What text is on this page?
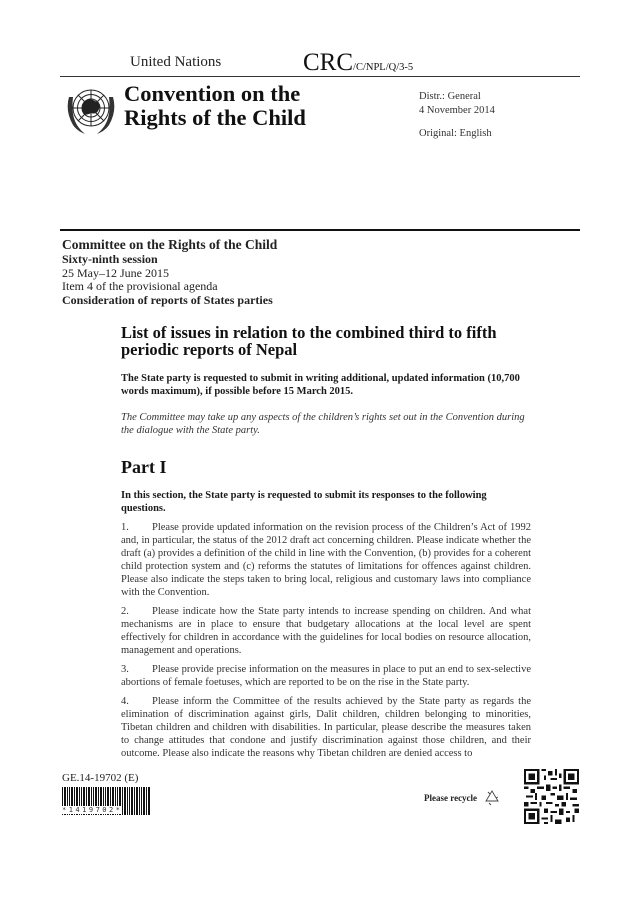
United Nations	CRC/C/NPL/Q/3-5
Convention on the
Rights of the Child
Distr.: General
4 November 2014
Original: English
Committee on the Rights of the Child
Sixty-ninth session
25 May–12 June 2015
Item 4 of the provisional agenda
Consideration of reports of States parties
List of issues in relation to the combined third to fifth periodic reports of Nepal
The State party is requested to submit in writing additional, updated information (10,700 words maximum), if possible before 15 March 2015.
The Committee may take up any aspects of the children’s rights set out in the Convention during the dialogue with the State party.
Part I
In this section, the State party is requested to submit its responses to the following questions.
1. Please provide updated information on the revision process of the Children’s Act of 1992 and, in particular, the status of the 2012 draft act concerning children. Please indicate whether the draft (a) provides a definition of the child in line with the Convention, (b) provides for a coherent child protection system and (c) reforms the statutes of limitations for offences against children. Please also indicate the steps taken to bring local, religious and customary laws into compliance with the Convention.
2. Please indicate how the State party intends to increase spending on children. And what mechanisms are in place to ensure that budgetary allocations at the local level are spent effectively for children in accordance with the guidelines for local bodies on resource allocation, management and operations.
3. Please provide precise information on the measures in place to put an end to sex-selective abortions of female foetuses, which are reported to be on the rise in the State party.
4. Please inform the Committee of the results achieved by the State party as regards the elimination of discrimination against girls, Dalit children, children belonging to minorities, Tibetan children and children with disabilities. In particular, please describe the measures taken to change attitudes that condone and justify discrimination against those children, and their outcome. Please also indicate the reasons why Tibetan children are denied access to
GE.14-19702 (E)
*1419702*
Please recycle
